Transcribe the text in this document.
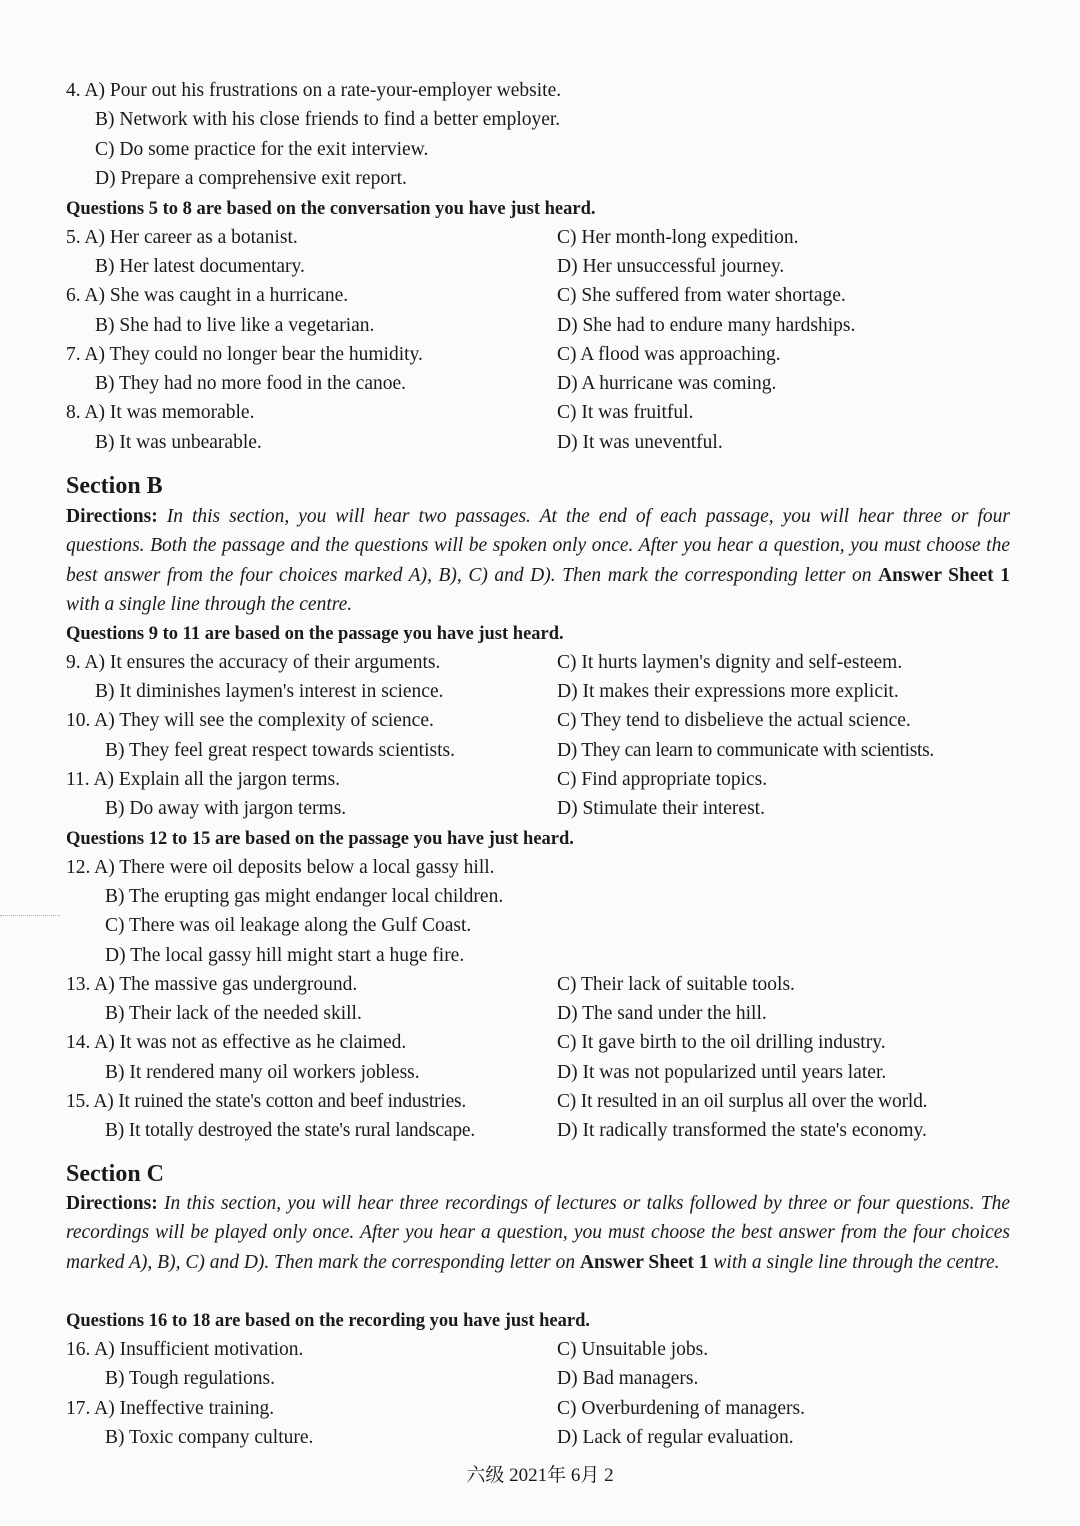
4. A) Pour out his frustrations on a rate-your-employer website.
B) Network with his close friends to find a better employer.
C) Do some practice for the exit interview.
D) Prepare a comprehensive exit report.
Questions 5 to 8 are based on the conversation you have just heard.
5. A) Her career as a botanist.	C) Her month-long expedition.
B) Her latest documentary.	D) Her unsuccessful journey.
6. A) She was caught in a hurricane.	C) She suffered from water shortage.
B) She had to live like a vegetarian.	D) She had to endure many hardships.
7. A) They could no longer bear the humidity.	C) A flood was approaching.
B) They had no more food in the canoe.	D) A hurricane was coming.
8. A) It was memorable.	C) It was fruitful.
B) It was unbearable.	D) It was uneventful.
Section B
Directions: In this section, you will hear two passages. At the end of each passage, you will hear three or four questions. Both the passage and the questions will be spoken only once. After you hear a question, you must choose the best answer from the four choices marked A), B), C) and D). Then mark the corresponding letter on Answer Sheet 1 with a single line through the centre.
Questions 9 to 11 are based on the passage you have just heard.
9. A) It ensures the accuracy of their arguments.	C) It hurts laymen's dignity and self-esteem.
B) It diminishes laymen's interest in science.	D) It makes their expressions more explicit.
10. A) They will see the complexity of science.	C) They tend to disbelieve the actual science.
B) They feel great respect towards scientists.	D) They can learn to communicate with scientists.
11. A) Explain all the jargon terms.	C) Find appropriate topics.
B) Do away with jargon terms.	D) Stimulate their interest.
Questions 12 to 15 are based on the passage you have just heard.
12. A) There were oil deposits below a local gassy hill.
B) The erupting gas might endanger local children.
C) There was oil leakage along the Gulf Coast.
D) The local gassy hill might start a huge fire.
13. A) The massive gas underground.	C) Their lack of suitable tools.
B) Their lack of the needed skill.	D) The sand under the hill.
14. A) It was not as effective as he claimed.	C) It gave birth to the oil drilling industry.
B) It rendered many oil workers jobless.	D) It was not popularized until years later.
15. A) It ruined the state's cotton and beef industries.	C) It resulted in an oil surplus all over the world.
B) It totally destroyed the state's rural landscape.	D) It radically transformed the state's economy.
Section C
Directions: In this section, you will hear three recordings of lectures or talks followed by three or four questions. The recordings will be played only once. After you hear a question, you must choose the best answer from the four choices marked A), B), C) and D). Then mark the corresponding letter on Answer Sheet 1 with a single line through the centre.
Questions 16 to 18 are based on the recording you have just heard.
16. A) Insufficient motivation.	C) Unsuitable jobs.
B) Tough regulations.	D) Bad managers.
17. A) Ineffective training.	C) Overburdening of managers.
B) Toxic company culture.	D) Lack of regular evaluation.
六级 2021年 6月 2
